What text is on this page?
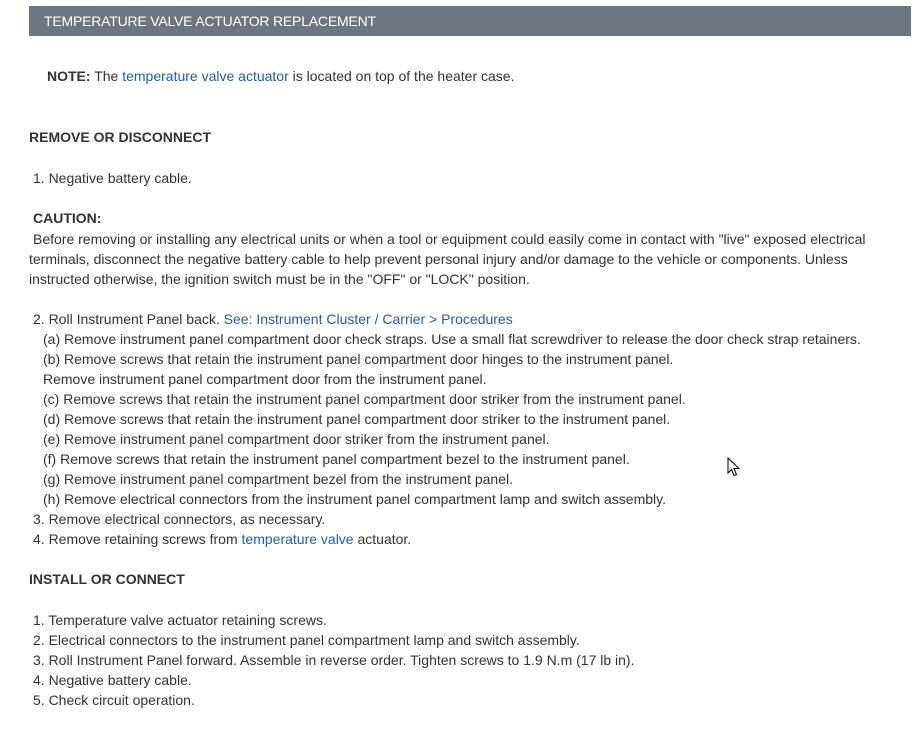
TEMPERATURE VALVE ACTUATOR REPLACEMENT
NOTE: The temperature valve actuator is located on top of the heater case.
REMOVE OR DISCONNECT
1. Negative battery cable.
CAUTION:
Before removing or installing any electrical units or when a tool or equipment could easily come in contact with "live" exposed electrical
terminals, disconnect the negative battery cable to help prevent personal injury and/or damage to the vehicle or components. Unless
instructed otherwise, the ignition switch must be in the "OFF" or "LOCK" position.
2. Roll Instrument Panel back. See: Instrument Cluster / Carrier > Procedures
(a) Remove instrument panel compartment door check straps. Use a small flat screwdriver to release the door check strap retainers.
(b) Remove screws that retain the instrument panel compartment door hinges to the instrument panel.
Remove instrument panel compartment door from the instrument panel.
(c) Remove screws that retain the instrument panel compartment door striker from the instrument panel.
(d) Remove screws that retain the instrument panel compartment door striker to the instrument panel.
(e) Remove instrument panel compartment door striker from the instrument panel.
(f) Remove screws that retain the instrument panel compartment bezel to the instrument panel.
(g) Remove instrument panel compartment bezel from the instrument panel.
(h) Remove electrical connectors from the instrument panel compartment lamp and switch assembly.
3. Remove electrical connectors, as necessary.
4. Remove retaining screws from temperature valve actuator.
INSTALL OR CONNECT
1. Temperature valve actuator retaining screws.
2. Electrical connectors to the instrument panel compartment lamp and switch assembly.
3. Roll Instrument Panel forward. Assemble in reverse order. Tighten screws to 1.9 N.m (17 lb in).
4. Negative battery cable.
5. Check circuit operation.
